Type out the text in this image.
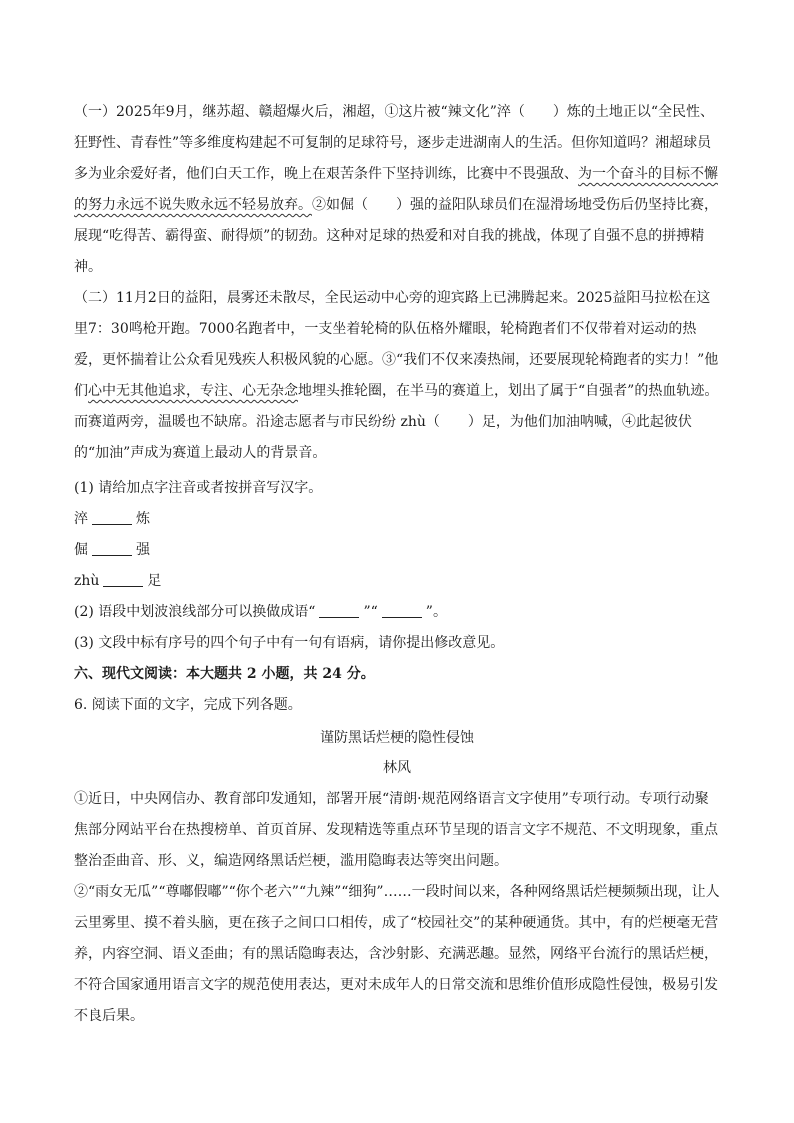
（一）2025年9月，继苏超、赣超爆火后，湘超，①这片被“辣文化”淬（　　）炼的土地正以“全民性、狂野性、青春性”等多维度构建起不可复制的足球符号，逐步走进湖南人的生活。但你知道吗？湘超球员多为业余爱好者，他们白天工作，晚上在艰苦条件下坚持训练，比赛中不畏强敌、为一个奋斗的目标不懈的努力永远不说失败永远不轻易放弃。②如倔（　　）强的益阳队球员们在湿滑场地受伤后仍坚持比赛，展现“吃得苦、霸得蛮、耐得烦”的韧劲。这种对足球的热爱和对自我的挑战，体现了自强不息的拼搏精神。

（二）11月2日的益阳，晨雾还未散尽，全民运动中心旁的迎宾路上已沸腾起来。2025益阳马拉松在这里7：30鸣枪开跑。7000名跑者中，一支坐着轮椅的队伍格外耀眼，轮椅跑者们不仅带着对运动的热爱，更怀揣着让公众看见残疾人积极风貌的心愿。③“我们不仅来凑热闹，还要展现轮椅跑者的实力！”他们心中无其他追求，专注、心无杂念地埋头推轮圈，在半马的赛道上，划出了属于“自强者”的热血轨迹。而赛道两旁，温暖也不缺席。沿途志愿者与市民纷纷 zhù（　　）足，为他们加油呐喊，④此起彼伏的“加油”声成为赛道上最动人的背景音。

(1) 请给加点字注音或者按拼音写汉字。
淬	炼
倔	强
zhù	足
(2) 语段中划波浪线部分可以换做成语“	”“	”。
(3) 文段中标有序号的四个句子中有一句有语病，请你提出修改意见。
六、现代文阅读：本大题共 2 小题，共 24 分。
6. 阅读下面的文字，完成下列各题。
谨防黑话烂梗的隐性侵蚀
林风

①近日，中央网信办、教育部印发通知，部署开展“清朗·规范网络语言文字使用”专项行动。专项行动聚焦部分网站平台在热搜榜单、首页首屏、发现精选等重点环节呈现的语言文字不规范、不文明现象，重点整治歪曲音、形、义，编造网络黑话烂梗，滥用隐晦表达等突出问题。

②“雨女无瓜”“尊嘟假嘟”“你个老六”“九辣”“细狗”……一段时间以来，各种网络黑话烂梗频频出现，让人云里雾里、摸不着头脑，更在孩子之间口口相传，成了“校园社交”的某种硬通货。其中，有的烂梗毫无营养，内容空洞、语义歪曲；有的黑话隐晦表达，含沙射影、充满恶趣。显然，网络平台流行的黑话烂梗，不符合国家通用语言文字的规范使用表达，更对未成年人的日常交流和思维价值形成隐性侵蚀，极易引发不良后果。
